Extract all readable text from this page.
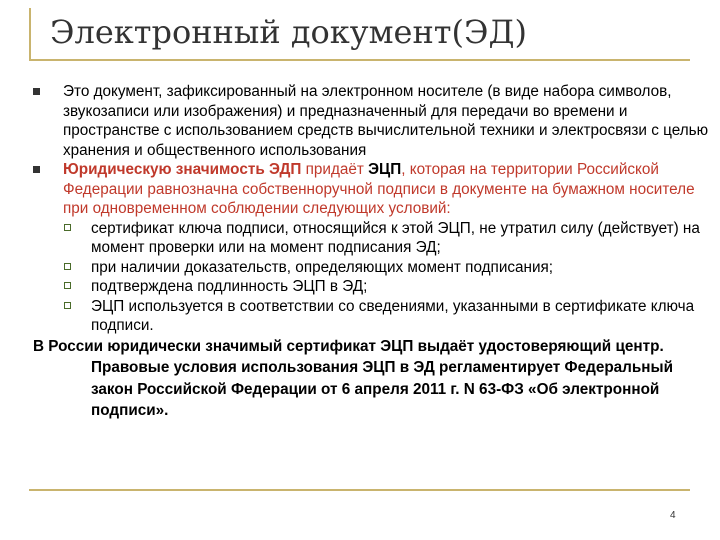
Электронный документ(ЭД)
Это документ, зафиксированный на электронном носителе (в виде набора символов, звукозаписи или изображения) и предназначенный для передачи во времени и пространстве с использованием средств вычислительной техники и электросвязи с целью хранения и общественного использования
Юридическую значимость ЭДП придаёт ЭЦП, которая на территории Российской Федерации равнозначна собственноручной подписи в документе на бумажном носителе при одновременном соблюдении следующих условий:
сертификат ключа подписи, относящийся к этой ЭЦП, не утратил силу (действует) на момент проверки или на момент подписания ЭД;
при наличии доказательств, определяющих момент подписания;
подтверждена подлинность ЭЦП в ЭД;
ЭЦП используется в соответствии со сведениями, указанными в сертификате ключа подписи.
В России юридически значимый сертификат ЭЦП выдаёт удостоверяющий центр. Правовые условия использования ЭЦП в ЭД регламентирует Федеральный закон Российской Федерации от 6 апреля 2011 г. N 63-ФЗ «Об электронной подписи».
4
